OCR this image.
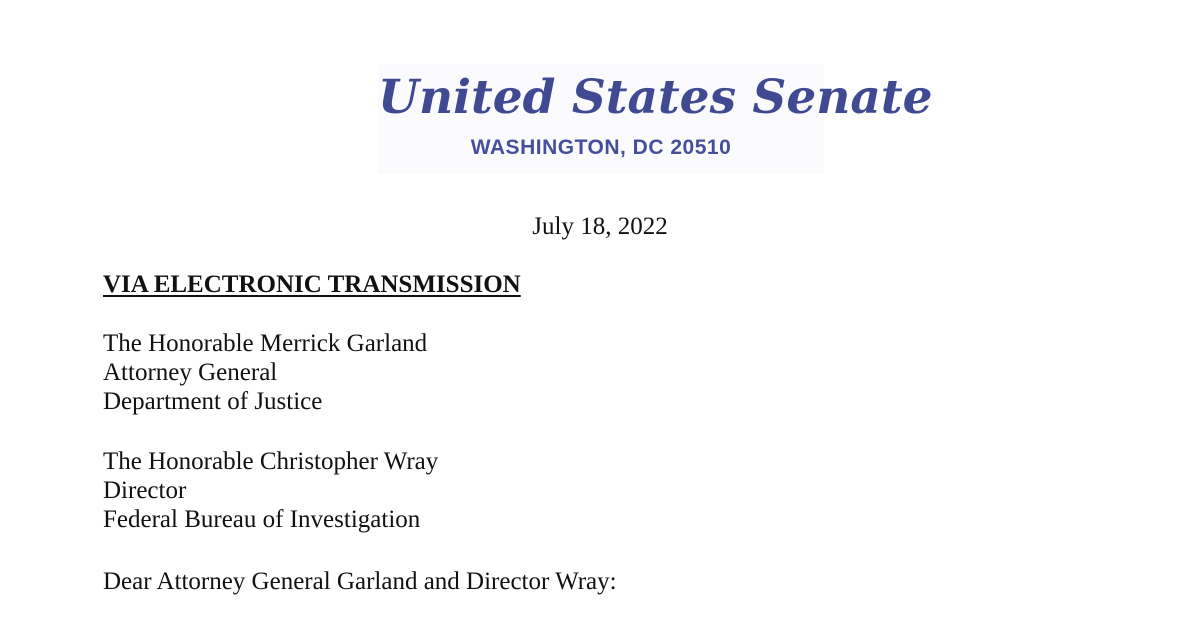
United States Senate
WASHINGTON, DC 20510
July 18, 2022
VIA ELECTRONIC TRANSMISSION
The Honorable Merrick Garland
Attorney General
Department of Justice
The Honorable Christopher Wray
Director
Federal Bureau of Investigation
Dear Attorney General Garland and Director Wray:
